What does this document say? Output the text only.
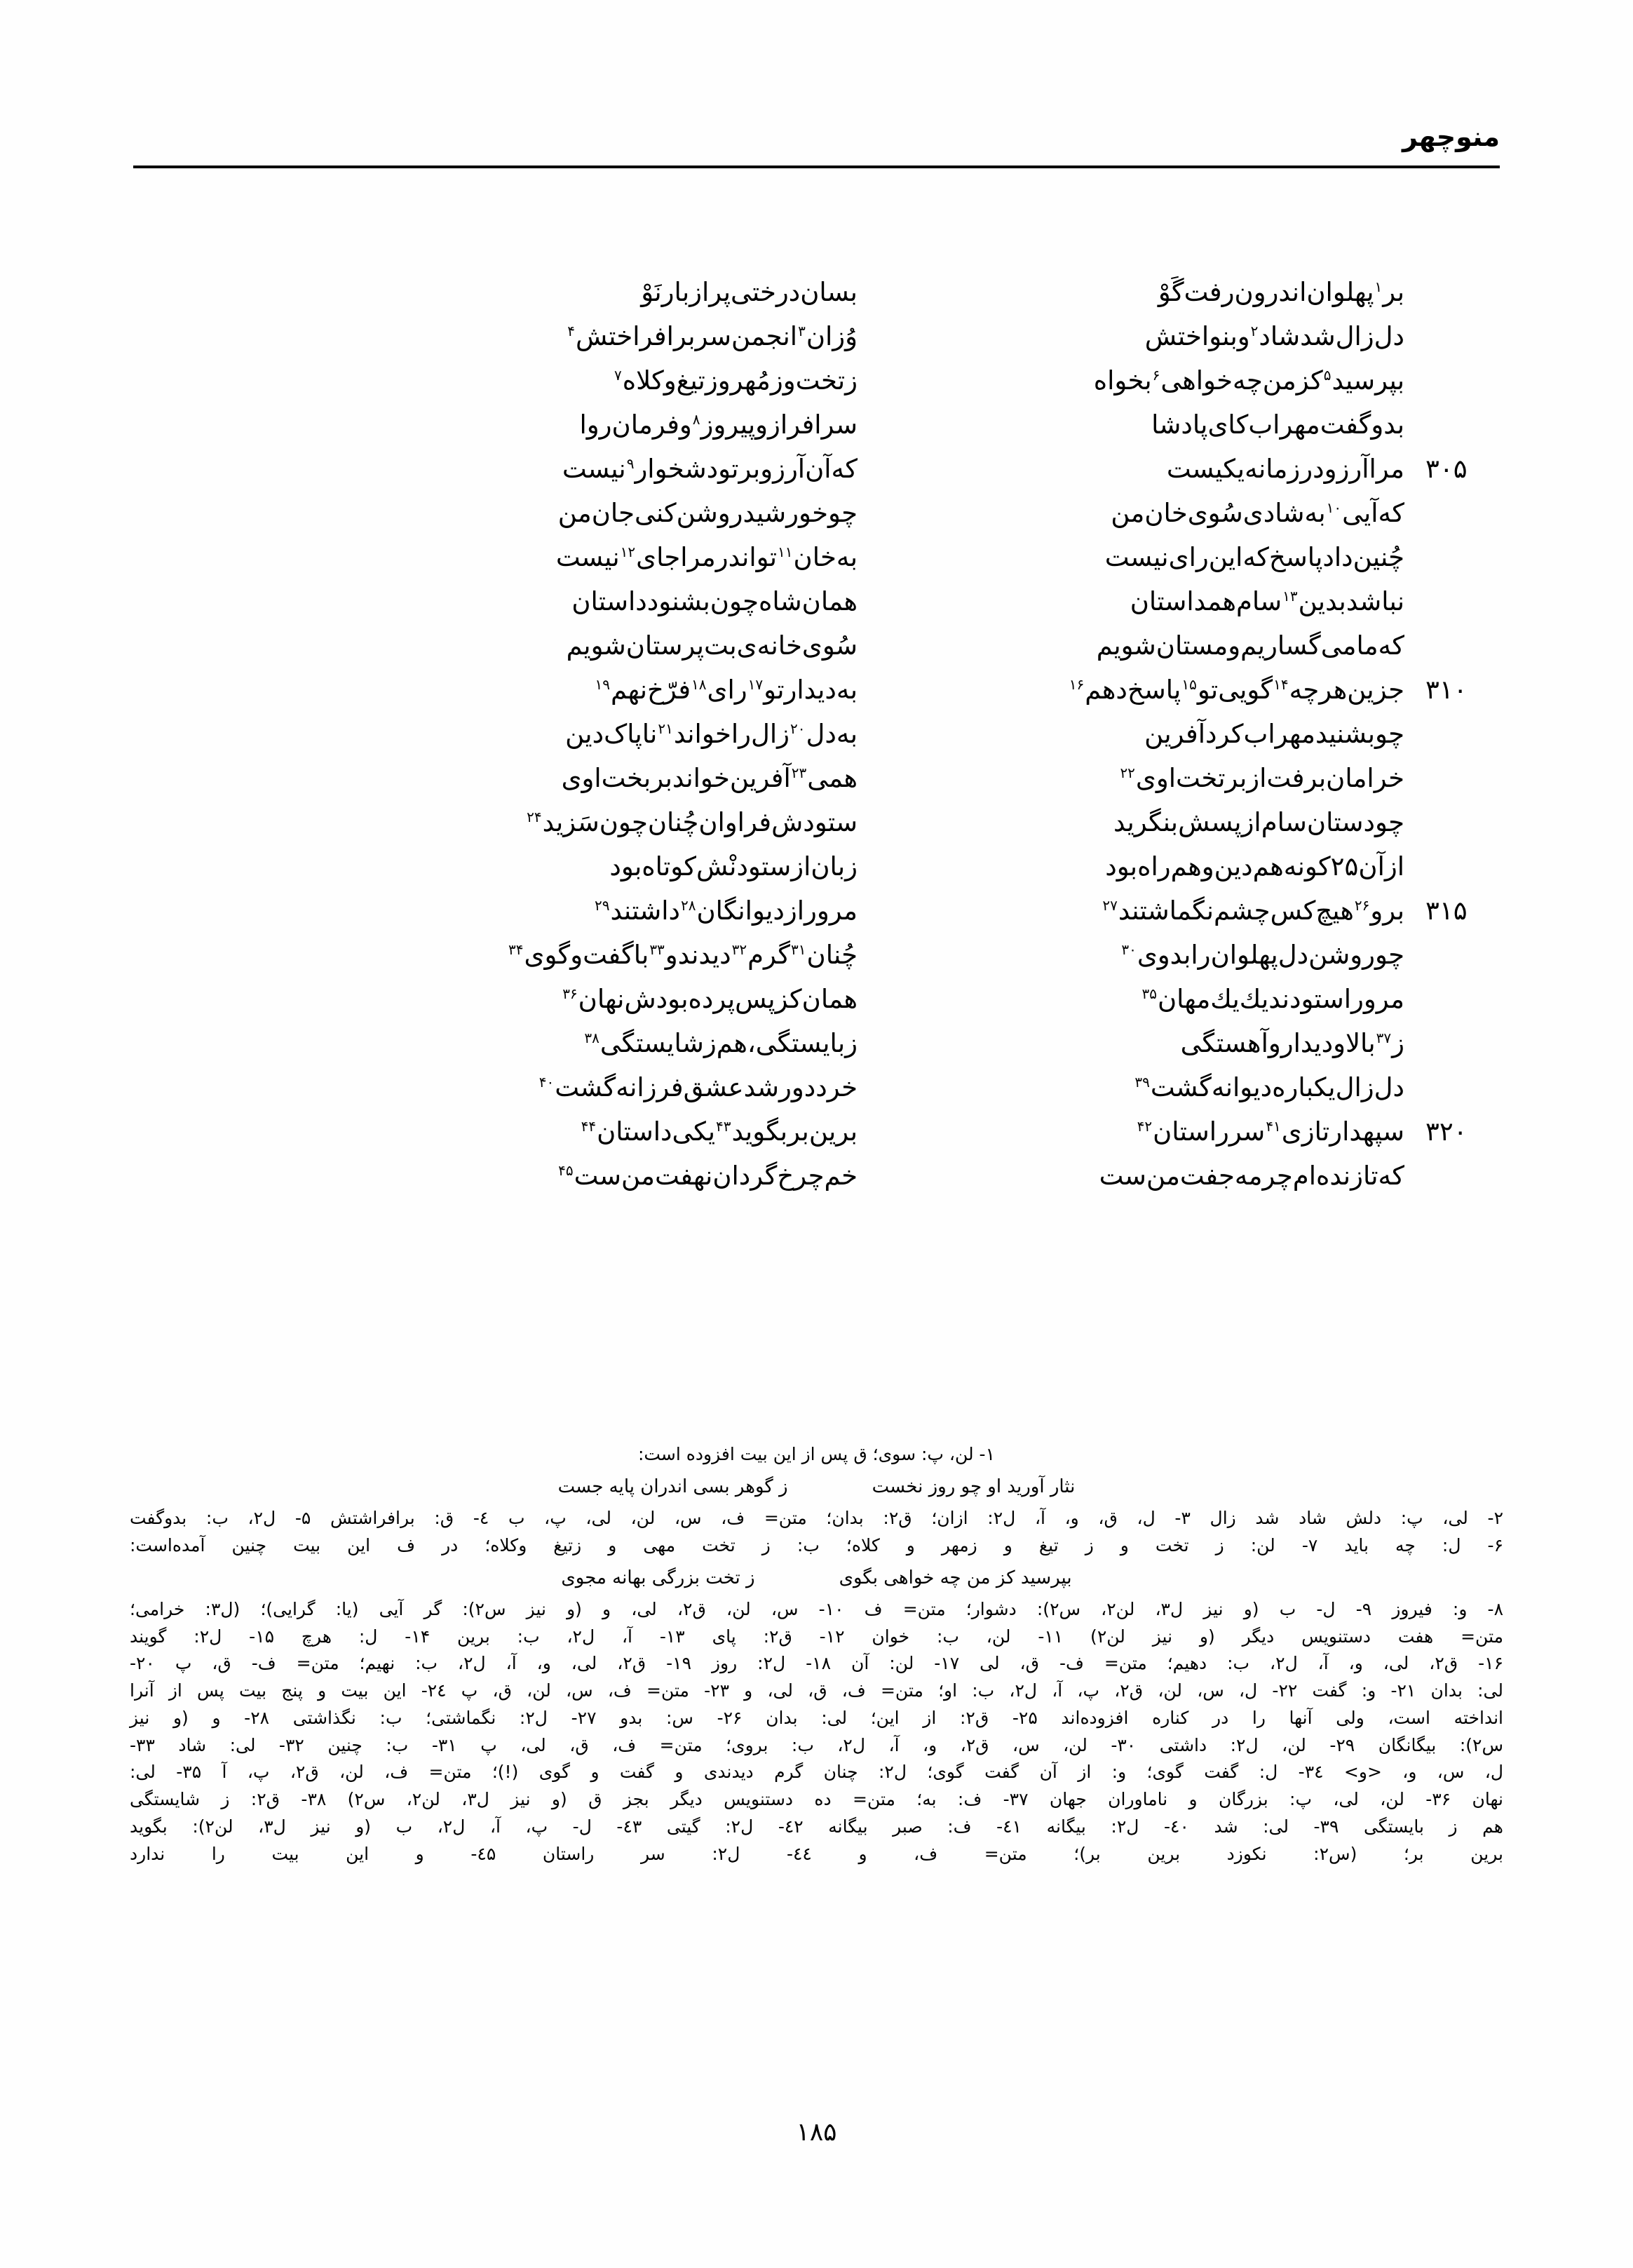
منوچهر
بر$^۱$پهلواناندرونرفتگَوْ
بساندرختیپرازبارنَوْ
دلزالشدشاد$^۲$وبنواختش
وُزان$^۳$انجمنسربرافراختش$^۴$
بپرسید$^۵$کزمنچهخواهی$^۶$بخواه
زتختوزمُهروزتیغوکلاه$^۷$
بدوگفتمهرابکایپادشا
سرافرازوپیروز$^۸$وفرمانروا
۳۰۵
مراآرزودرزمانهیکیست
کهآنآرزوبرتودشخوار$^۹$نیست
کهآیی$^{۱۰}$بهشادیسُویخانمن
چوخورشیدروشنکنیجانمن
چُنیندادپاسخکهاینراینیست
بهخان$^{۱۱}$تواندرمراجای$^{۱۲}$نیست
نباشدبدین$^{۱۳}$سامهمداستان
همانشاهچونبشنودداستان
کهمامیگساریمومستانشویم
سُویخانه‌یبت‌پرستانشویم
۳۱۰
جزینهرچه$^{۱۴}$گوییتو$^{۱۵}$پاسخدهم$^{۱۶}$
بهدیدارتو$^{۱۷}$رای$^{۱۸}$فرّخنهم$^{۱۹}$
چوبشنیدمهرابکردآفرین
بهدل$^{۲۰}$زالراخواند$^{۲۱}$ناپاکدین
خرامانبرفتازبرتختاوی$^{۲۲}$
همی$^{۲۳}$آفرینخواندبربختاوی
چودستانسامازپسشبنگرید
ستودشفراوانچُنانچونسَزید$^{۲۴}$
ازآن۲۵کونههمدینوهمراهبود
زبانازستودنْشکوتاهبود
۳۱۵
برو$^{۲۶}$هیچکسچشمنگماشتند$^{۲۷}$
مرورازدیوانگان$^{۲۸}$داشتند$^{۲۹}$
چوروشندلپهلوانرابدوی$^{۳۰}$
چُنان$^{۳۱}$گرم$^{۳۲}$دیدندو$^{۳۳}$باگفتوگوی$^{۳۴}$
مروراستودندیكیكمهان$^{۳۵}$
همانکزپسپردهبودشنهان$^{۳۶}$
ز$^{۳۷}$بالاودیداروآهستگی
زبایستگی،همزشایستگی$^{۳۸}$
دلزالیکبارهدیوانهگشت$^{۳۹}$
خرددورشدعشقفرزانهگشت$^{۴۰}$
۳۲۰
سپهدارتازی$^{۴۱}$سرراستان$^{۴۲}$
برینبربگوید$^{۴۳}$یکیداستان$^{۴۴}$
کهتازنده‌امچرمهجفتمنست
خمچرخگرداننهفتمنست$^{۴۵}$
۱- لن، پ: سوی؛ ق پس از این بیت افزوده است:
نثار آورید او چو روز نخست
ز گوهر بسی اندران پایه جست
۲- لی، پ: دلش شاد شد زال ۳- ل، ق، و، آ، ل۲: ازان؛ ق۲: بدان؛ متن= ف، س، لن، لی، پ، ب ٤- ق: برافراشتش ۵- ل۲، ب: بدوگفت
۶- ل: چه باید ۷- لن: ز تخت و ز تیغ و زمهر و کلاه؛ ب: ز تخت مهی و زتیغ وکلاه؛ در ف این بیت چنین آمده‌است:
بپرسید کز من چه خواهی بگوی
ز تخت بزرگی بهانه مجوی
۸- و: فیروز ۹- ل- ب (و نیز ل۳، لن۲، س۲): دشوار؛ متن= ف ۱۰- س، لن، ق۲، لی، و (و نیز س۲): گر آیی (یا: گرایی)؛ (ل۳: خرامی؛
متن= هفت دستنویس دیگر (و نیز لن۲) ۱۱- لن، ب: خوان ۱۲- ق۲: پای ۱۳- آ، ل۲، ب: برین ۱۴- ل: هرچ ۱۵- ل۲: گویند
۱۶- ق۲، لی، و، آ، ل۲، ب: دهیم؛ متن= ف- ق، لی ۱۷- لن: آن ۱۸- ل۲: روز ۱۹- ق۲، لی، و، آ، ل۲، ب: نهیم؛ متن= ف- ق، پ ۲۰-
لی: بدان ۲۱- و: گفت ۲۲- ل، س، لن، ق۲، پ، آ، ل۲، ب: او؛ متن= ف، ق، لی، و ۲۳- متن= ف، س، لن، ق، پ ۲٤- این بیت و پنج بیت پس از آنرا
انداخته است، ولی آنها را در کناره افزوده‌اند ۲۵- ق۲: از این؛ لی: بدان ۲۶- س: بدو ۲۷- ل۲: نگماشتی؛ ب: نگذاشتی ۲۸- و (و نیز
س۲): بیگانگان ۲۹- لن، ل۲: داشتی ۳۰- لن، س، ق۲، و، آ، ل۲، ب: بروی؛ متن= ف، ق، لی، پ ۳۱- ب: چنین ۳۲- لی: شاد ۳۳-
ل، س، و، <و> ۳٤- ل: گفت گوی؛ و: از آن گفت گوی؛ ل۲: چنان گرم دیدندی و گفت و گوی (!)؛ متن= ف، لن، ق۲، پ، آ ۳۵- لی:
نهان ۳۶- لن، لی، پ: بزرگان و ناماوران جهان ۳۷- ف: به؛ متن= ده دستنویس دیگر بجز ق (و نیز ل۳، لن۲، س۲) ۳۸- ق۲: ز شایستگی
هم ز بایستگی ۳۹- لی: شد ٤۰- ل۲: بیگانه ٤۱- ف: صبر بیگانه ٤۲- ل۲: گیتی ٤۳- ل- پ، آ، ل۲، ب (و نیز ل۳، لن۲): بگوید
برین بر؛ (س۲: نکوزد برین بر)؛ متن= ف، و ٤٤- ل۲: سر راستان ٤۵- و این بیت را ندارد
۱۸۵
